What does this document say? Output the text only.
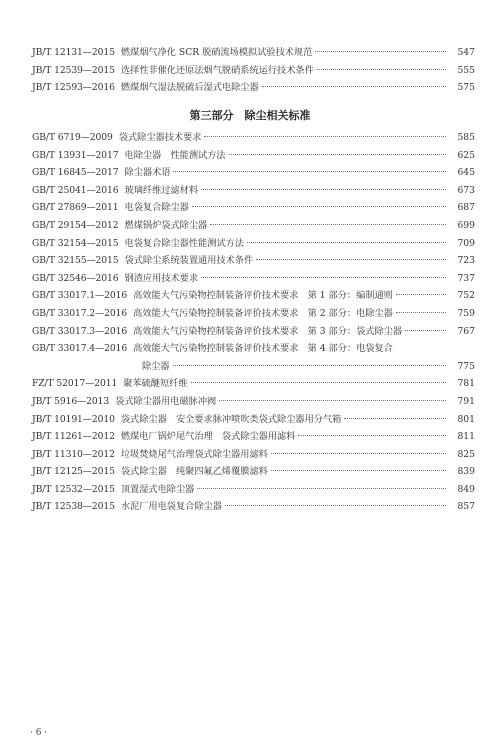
JB/T 12131—2015 燃煤烟气净化 SCR 脱硝流场模拟试验技术规范	547
JB/T 12539—2015 选择性非催化还原法烟气脱硝系统运行技术条件	555
JB/T 12593—2016 燃煤烟气湿法脱硫后湿式电除尘器	575
第三部分　除尘相关标准
GB/T 6719—2009 袋式除尘器技术要求	585
GB/T 13931—2017 电除尘器　性能测试方法	625
GB/T 16845—2017 除尘器术语	645
GB/T 25041—2016 玻璃纤维过滤材料	673
GB/T 27869—2011 电袋复合除尘器	687
GB/T 29154—2012 燃煤锅炉袋式除尘器	699
GB/T 32154—2015 电袋复合除尘器性能测试方法	709
GB/T 32155—2015 袋式除尘系统装置通用技术条件	723
GB/T 32546—2016 钢渣应用技术要求	737
GB/T 33017.1—2016 高效能大气污染物控制装备评价技术要求　第 1 部分：编制通则	752
GB/T 33017.2—2016 高效能大气污染物控制装备评价技术要求　第 2 部分：电除尘器	759
GB/T 33017.3—2016 高效能大气污染物控制装备评价技术要求　第 3 部分：袋式除尘器	767
GB/T 33017.4—2016 高效能大气污染物控制装备评价技术要求　第 4 部分：电袋复合
除尘器	775
FZ/T 52017—2011 聚苯硫醚短纤维	781
JB/T 5916—2013 袋式除尘器用电磁脉冲阀	791
JB/T 10191—2010 袋式除尘器　安全要求脉冲喷吹类袋式除尘器用分气箱	801
JB/T 11261—2012 燃煤电厂锅炉尾气治理　袋式除尘器用滤料	811
JB/T 11310—2012 垃圾焚烧尾气治理袋式除尘器用滤料	825
JB/T 12125—2015 袋式除尘器　纯聚四氟乙烯覆膜滤料	839
JB/T 12532—2015 顶置湿式电除尘器	849
JB/T 12538—2015 水泥厂用电袋复合除尘器	857
· 6 ·
